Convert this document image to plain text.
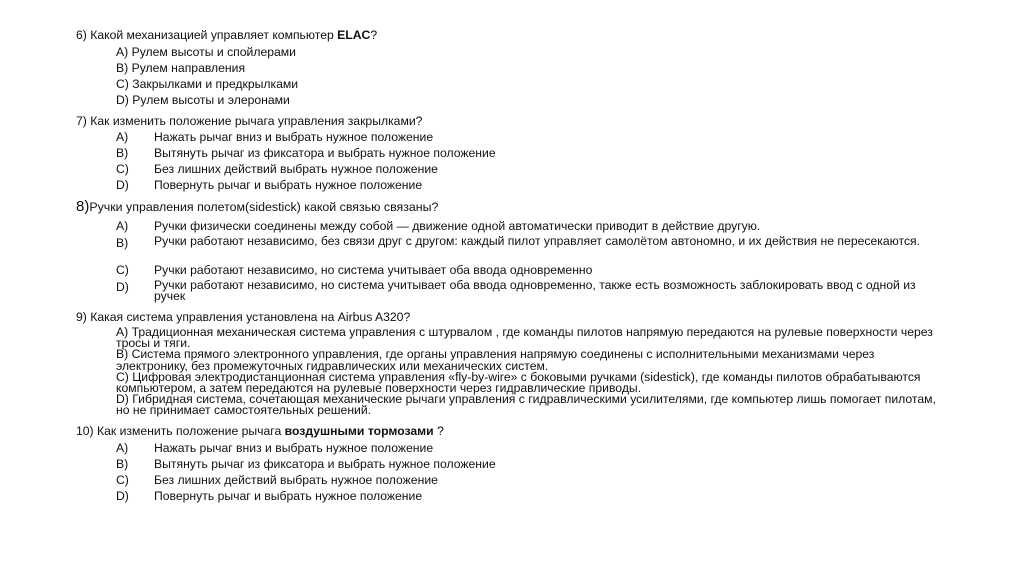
6) Какой механизацией управляет компьютер ELAC?
A) Рулем высоты и спойлерами
B) Рулем направления
C) Закрылками и предкрылками
D) Рулем высоты и элеронами
7) Как изменить положение рычага управления закрылками?
A) Нажать рычаг вниз и выбрать нужное положение
B) Вытянуть рычаг из фиксатора и выбрать нужное положение
C) Без лишних действий выбрать нужное положение
D) Повернуть рычаг и выбрать нужное положение
8)Ручки управления полетом(sidestick) какой связью связаны?
A) Ручки физически соединены между собой — движение одной автоматически приводит в действие другую.
B) Ручки работают независимо, без связи друг с другом: каждый пилот управляет самолётом автономно, и их действия не пересекаются.
C) Ручки работают независимо, но система учитывает оба ввода одновременно
D) Ручки работают независимо, но система учитывает оба ввода одновременно, также есть возможность заблокировать ввод с одной из ручек
9) Какая система управления установлена на Airbus A320?
A) Традиционная механическая система управления с штурвалом , где команды пилотов напрямую передаются на рулевые поверхности через тросы и тяги.
B) Система прямого электронного управления, где органы управления напрямую соединены с исполнительными механизмами через электронику, без промежуточных гидравлических или механических систем.
C) Цифровая электродистанционная система управления «fly-by-wire» с боковыми ручками (sidestick), где команды пилотов обрабатываются компьютером, а затем передаются на рулевые поверхности через гидравлические приводы.
D) Гибридная система, сочетающая механические рычаги управления с гидравлическими усилителями, где компьютер лишь помогает пилотам, но не принимает самостоятельных решений.
10) Как изменить положение рычага воздушными тормозами ?
A) Нажать рычаг вниз и выбрать нужное положение
B) Вытянуть рычаг из фиксатора и выбрать нужное положение
C) Без лишних действий выбрать нужное положение
D) Повернуть рычаг и выбрать нужное положение
